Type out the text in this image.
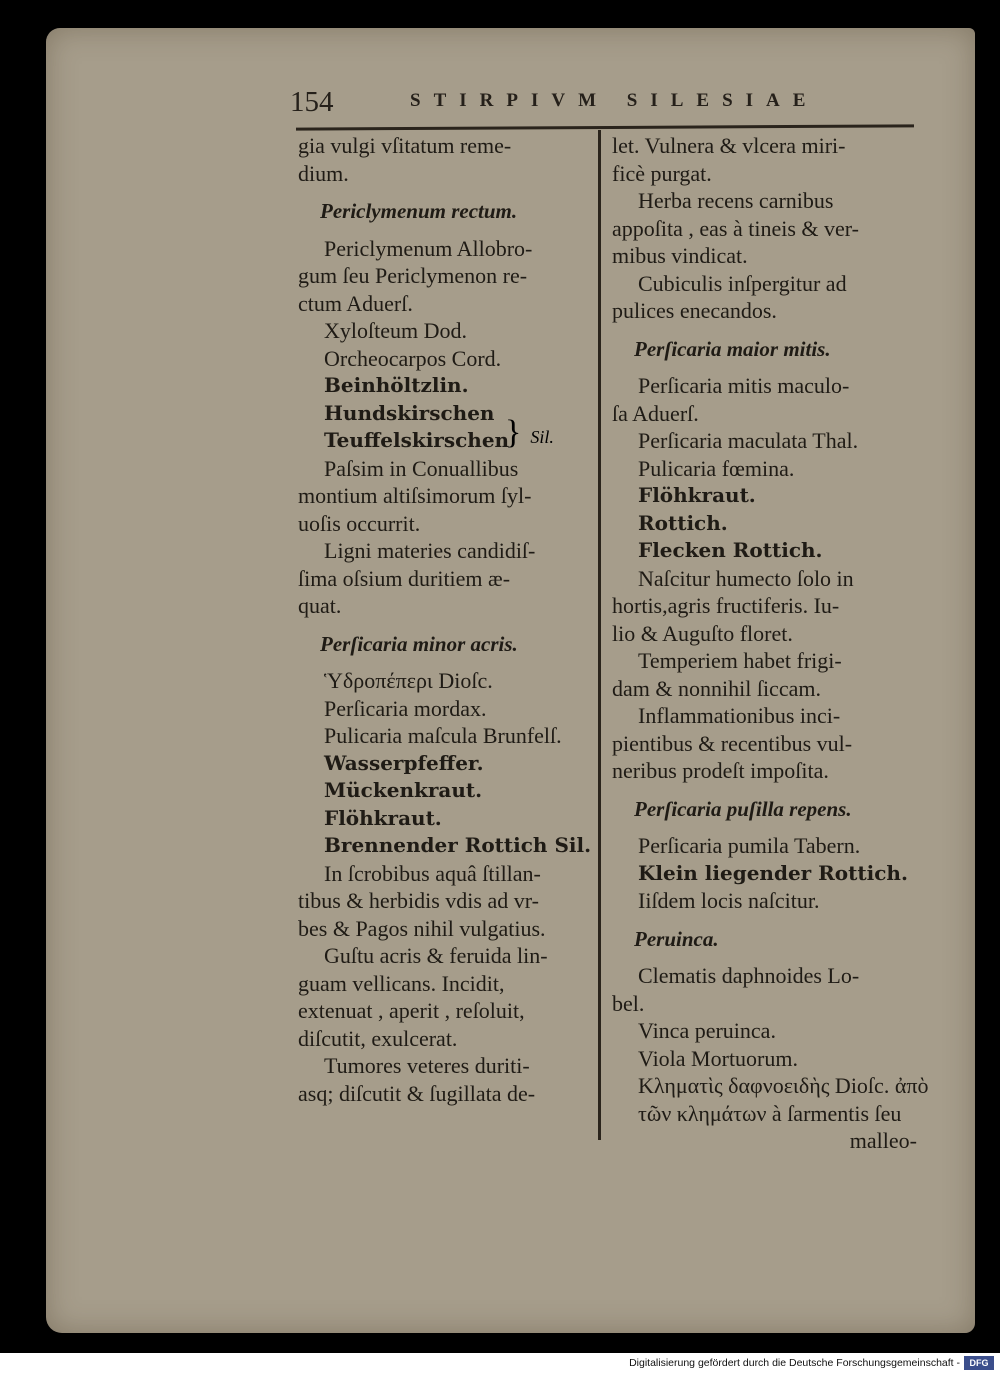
154	STIRPIVM SILESIAE
gia vulgi vſitatum reme-
dium.
Periclymenum rectum.
Periclymenum Allobro-
gum ſeu Periclymenon re-
ctum Aduerſ.
Xyloſteum Dod.
Orcheocarpos Cord.
Beinhöltzlin.
Hundskirschen
Teuffelskirschen
Paſsim in Conuallibus
montium altiſsimorum ſyl-
uoſis occurrit.
Ligni materies candidiſ-
ſima oſsium duritiem æ-
quat.
Perſicaria minor acris.
Ὑδροπέπερι Dioſc.
Perſicaria mordax.
Pulicaria maſcula Brunfelſ.
Wasserpfeffer.
Mückenkraut.
Flöhkraut.
Brennender Rottich Sil.
In ſcrobibus aquâ ſtillan-
tibus & herbidis vdis ad vr-
bes & Pagos nihil vulgatius.
Guſtu acris & feruida lin-
guam vellicans. Incidit,
extenuat , aperit , reſoluit,
diſcutit, exulcerat.
Tumores veteres duriti-
asq; diſcutit & ſugillata de-
let. Vulnera & vlcera miri-
ficè purgat.
Herba recens carnibus
appoſita , eas à tineis & ver-
mibus vindicat.
Cubiculis inſpergitur ad
pulices enecandos.
Perſicaria maior mitis.
Perſicaria mitis maculo-
ſa Aduerſ.
Perſicaria maculata Thal.
Pulicaria fœmina.
Flöhkraut.
Rottich.
Flecken Rottich.
Naſcitur humecto ſolo in
hortis,agris fructiferis. Iu-
lio & Auguſto floret.
Temperiem habet frigi-
dam & nonnihil ſiccam.
Inflammationibus inci-
pientibus & recentibus vul-
neribus prodeſt impoſita.
Perſicaria puſilla repens.
Perſicaria pumila Tabern.
Klein liegender Rottich.
Iiſdem locis naſcitur.
Peruinca.
Clematis daphnoides Lo-
bel.
Vinca peruinca.
Viola Mortuorum.
Κληματὶς δαφνοειδὴς Dioſc. ἀπὸ
τῶν κλημάτων à ſarmentis ſeu
malleo-
} Sil.
Digitalisierung gefördert durch die Deutsche Forschungsgemeinschaft -	DFG
